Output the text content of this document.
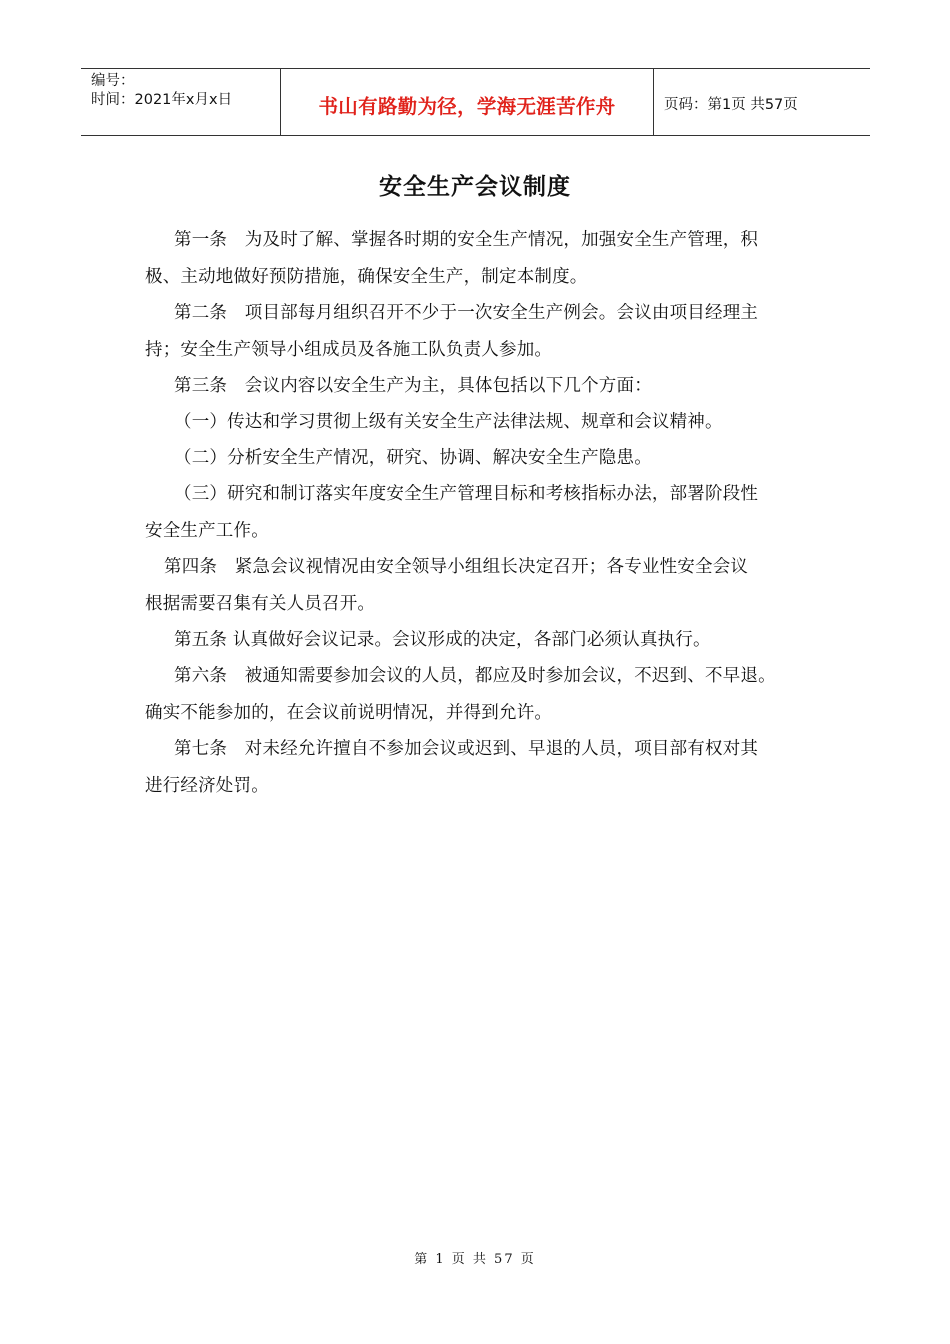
编号：
时间：2021年x月x日	书山有路勤为径，学海无涯苦作舟	页码：第1页 共57页
安全生产会议制度
第一条　为及时了解、掌握各时期的安全生产情况，加强安全生产管理，积
极、主动地做好预防措施，确保安全生产，制定本制度。
第二条　项目部每月组织召开不少于一次安全生产例会。会议由项目经理主
持；安全生产领导小组成员及各施工队负责人参加。
第三条　会议内容以安全生产为主，具体包括以下几个方面：
（一）传达和学习贯彻上级有关安全生产法律法规、规章和会议精神。
（二）分析安全生产情况，研究、协调、解决安全生产隐患。
（三）研究和制订落实年度安全生产管理目标和考核指标办法，部署阶段性
安全生产工作。
第四条　紧急会议视情况由安全领导小组组长决定召开；各专业性安全会议
根据需要召集有关人员召开。
第五条 认真做好会议记录。会议形成的决定，各部门必须认真执行。
第六条　被通知需要参加会议的人员，都应及时参加会议，不迟到、不早退。
确实不能参加的，在会议前说明情况，并得到允许。
第七条　对未经允许擅自不参加会议或迟到、早退的人员，项目部有权对其
进行经济处罚。
第 1 页 共 57 页
